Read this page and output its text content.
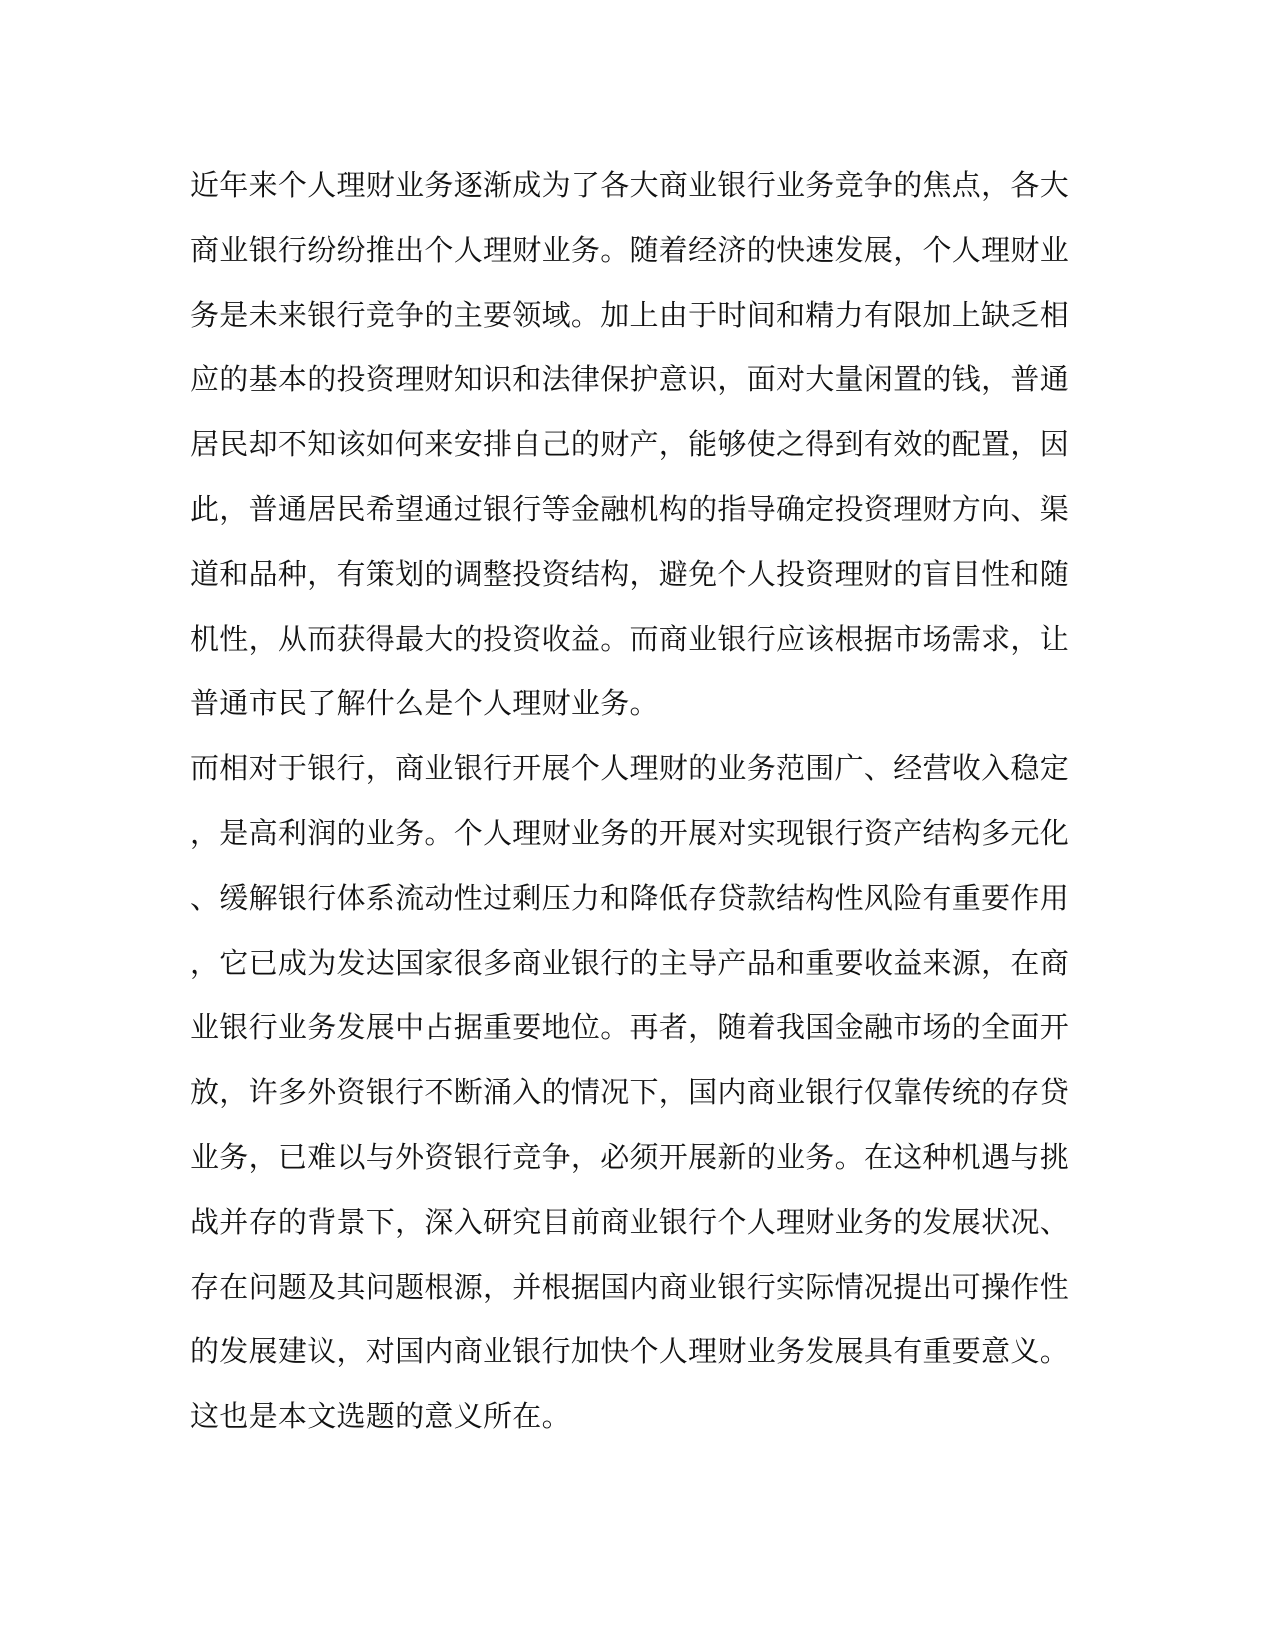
近年来个人理财业务逐渐成为了各大商业银行业务竞争的焦点，各大
商业银行纷纷推出个人理财业务。随着经济的快速发展，个人理财业
务是未来银行竞争的主要领域。加上由于时间和精力有限加上缺乏相
应的基本的投资理财知识和法律保护意识，面对大量闲置的钱，普通
居民却不知该如何来安排自己的财产，能够使之得到有效的配置，因
此，普通居民希望通过银行等金融机构的指导确定投资理财方向、渠
道和品种，有策划的调整投资结构，避免个人投资理财的盲目性和随
机性，从而获得最大的投资收益。而商业银行应该根据市场需求，让
普通市民了解什么是个人理财业务。
而相对于银行，商业银行开展个人理财的业务范围广、经营收入稳定
，是高利润的业务。个人理财业务的开展对实现银行资产结构多元化
、缓解银行体系流动性过剩压力和降低存贷款结构性风险有重要作用
，它已成为发达国家很多商业银行的主导产品和重要收益来源，在商
业银行业务发展中占据重要地位。再者，随着我国金融市场的全面开
放，许多外资银行不断涌入的情况下，国内商业银行仅靠传统的存贷
业务，已难以与外资银行竞争，必须开展新的业务。在这种机遇与挑
战并存的背景下，深入研究目前商业银行个人理财业务的发展状况、
存在问题及其问题根源，并根据国内商业银行实际情况提出可操作性
的发展建议，对国内商业银行加快个人理财业务发展具有重要意义。
这也是本文选题的意义所在。
